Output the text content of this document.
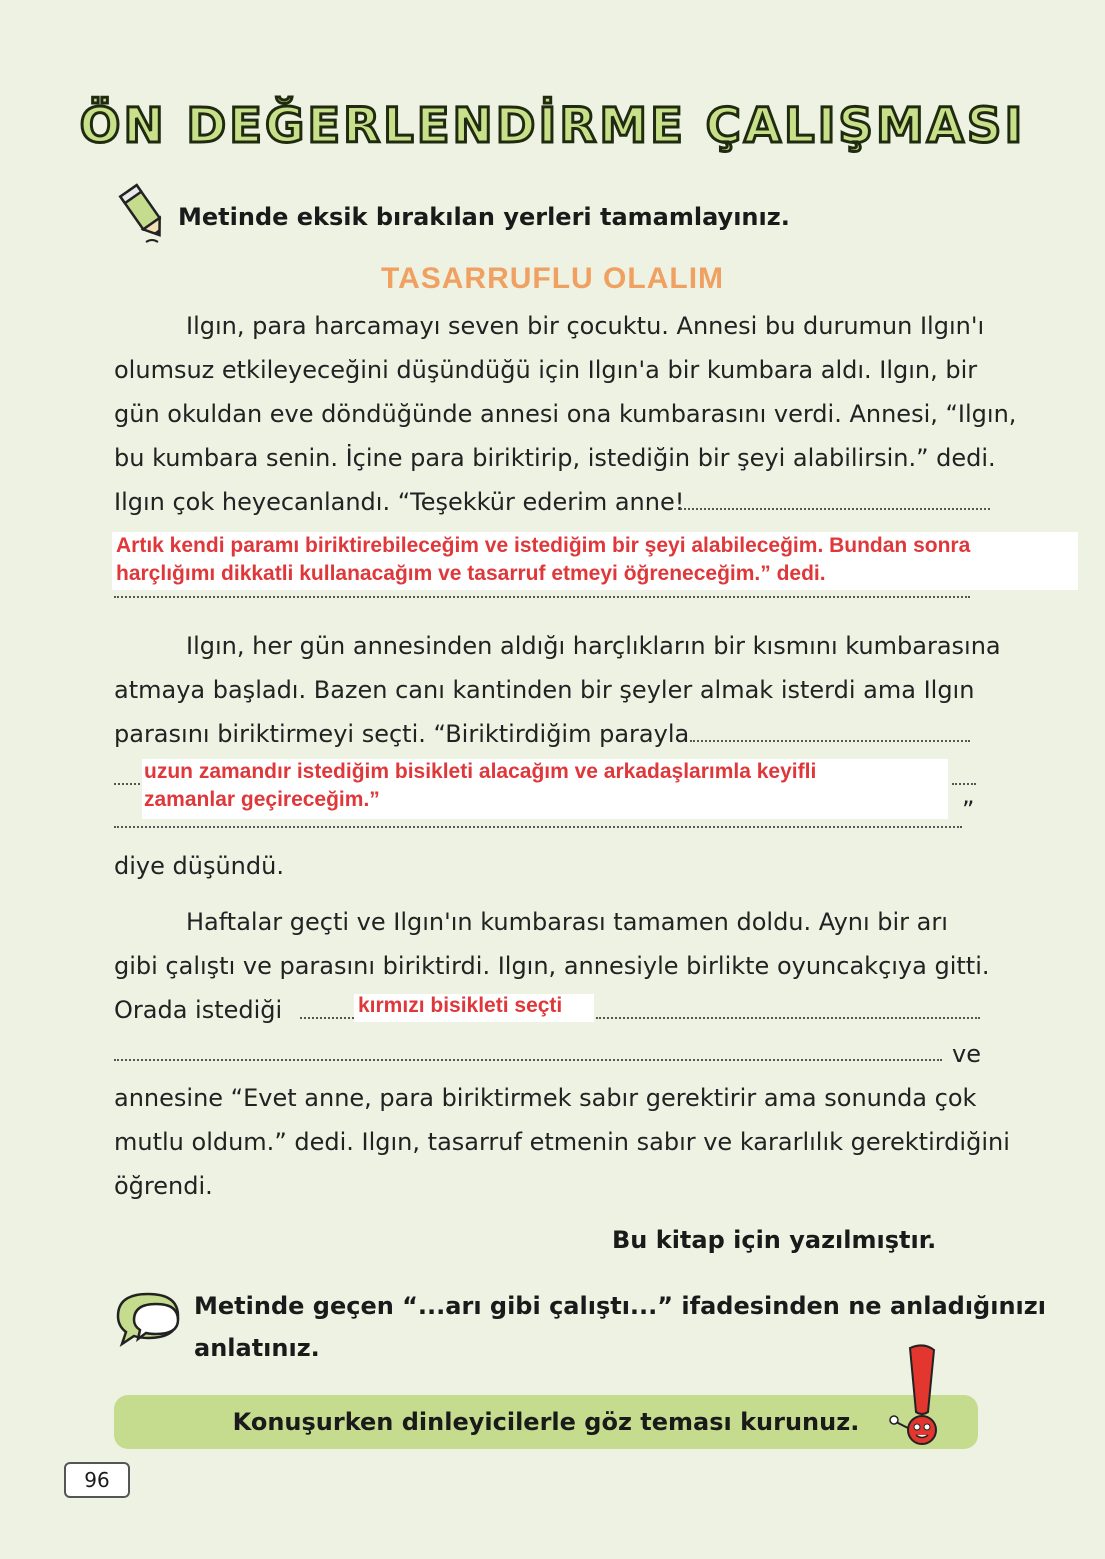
ÖN DEĞERLENDİRME ÇALIŞMASI
Metinde eksik bırakılan yerleri tamamlayınız.
TASARRUFLU OLALIM
Ilgın, para harcamayı seven bir çocuktu. Annesi bu durumun Ilgın'ı
olumsuz etkileyeceğini düşündüğü için Ilgın'a bir kumbara aldı. Ilgın, bir
gün okuldan eve döndüğünde annesi ona kumbarasını verdi. Annesi, “Ilgın,
bu kumbara senin. İçine para biriktirip, istediğin bir şeyi alabilirsin.” dedi.
Ilgın çok heyecanlandı. “Teşekkür ederim anne!
Artık kendi paramı biriktirebileceğim ve istediğim bir şeyi alabileceğim. Bundan sonra
harçlığımı dikkatli kullanacağım ve tasarruf etmeyi öğreneceğim.” dedi.
Ilgın, her gün annesinden aldığı harçlıkların bir kısmını kumbarasına
atmaya başladı. Bazen canı kantinden bir şeyler almak isterdi ama Ilgın
parasını biriktirmeyi seçti. “Biriktirdiğim parayla
uzun zamandır istediğim bisikleti alacağım ve arkadaşlarımla keyifli
zamanlar geçireceğim.”	”
diye düşündü.
Haftalar geçti ve Ilgın'ın kumbarası tamamen doldu. Aynı bir arı
gibi çalıştı ve parasını biriktirdi. Ilgın, annesiyle birlikte oyuncakçıya gitti.
Orada istediği	kırmızı bisikleti seçti
ve
annesine “Evet anne, para biriktirmek sabır gerektirir ama sonunda çok
mutlu oldum.” dedi. Ilgın, tasarruf etmenin sabır ve kararlılık gerektirdiğini
öğrendi.
Bu kitap için yazılmıştır.
Metinde geçen “...arı gibi çalıştı...” ifadesinden ne anladığınızı
anlatınız.
Konuşurken dinleyicilerle göz teması kurunuz.
96
